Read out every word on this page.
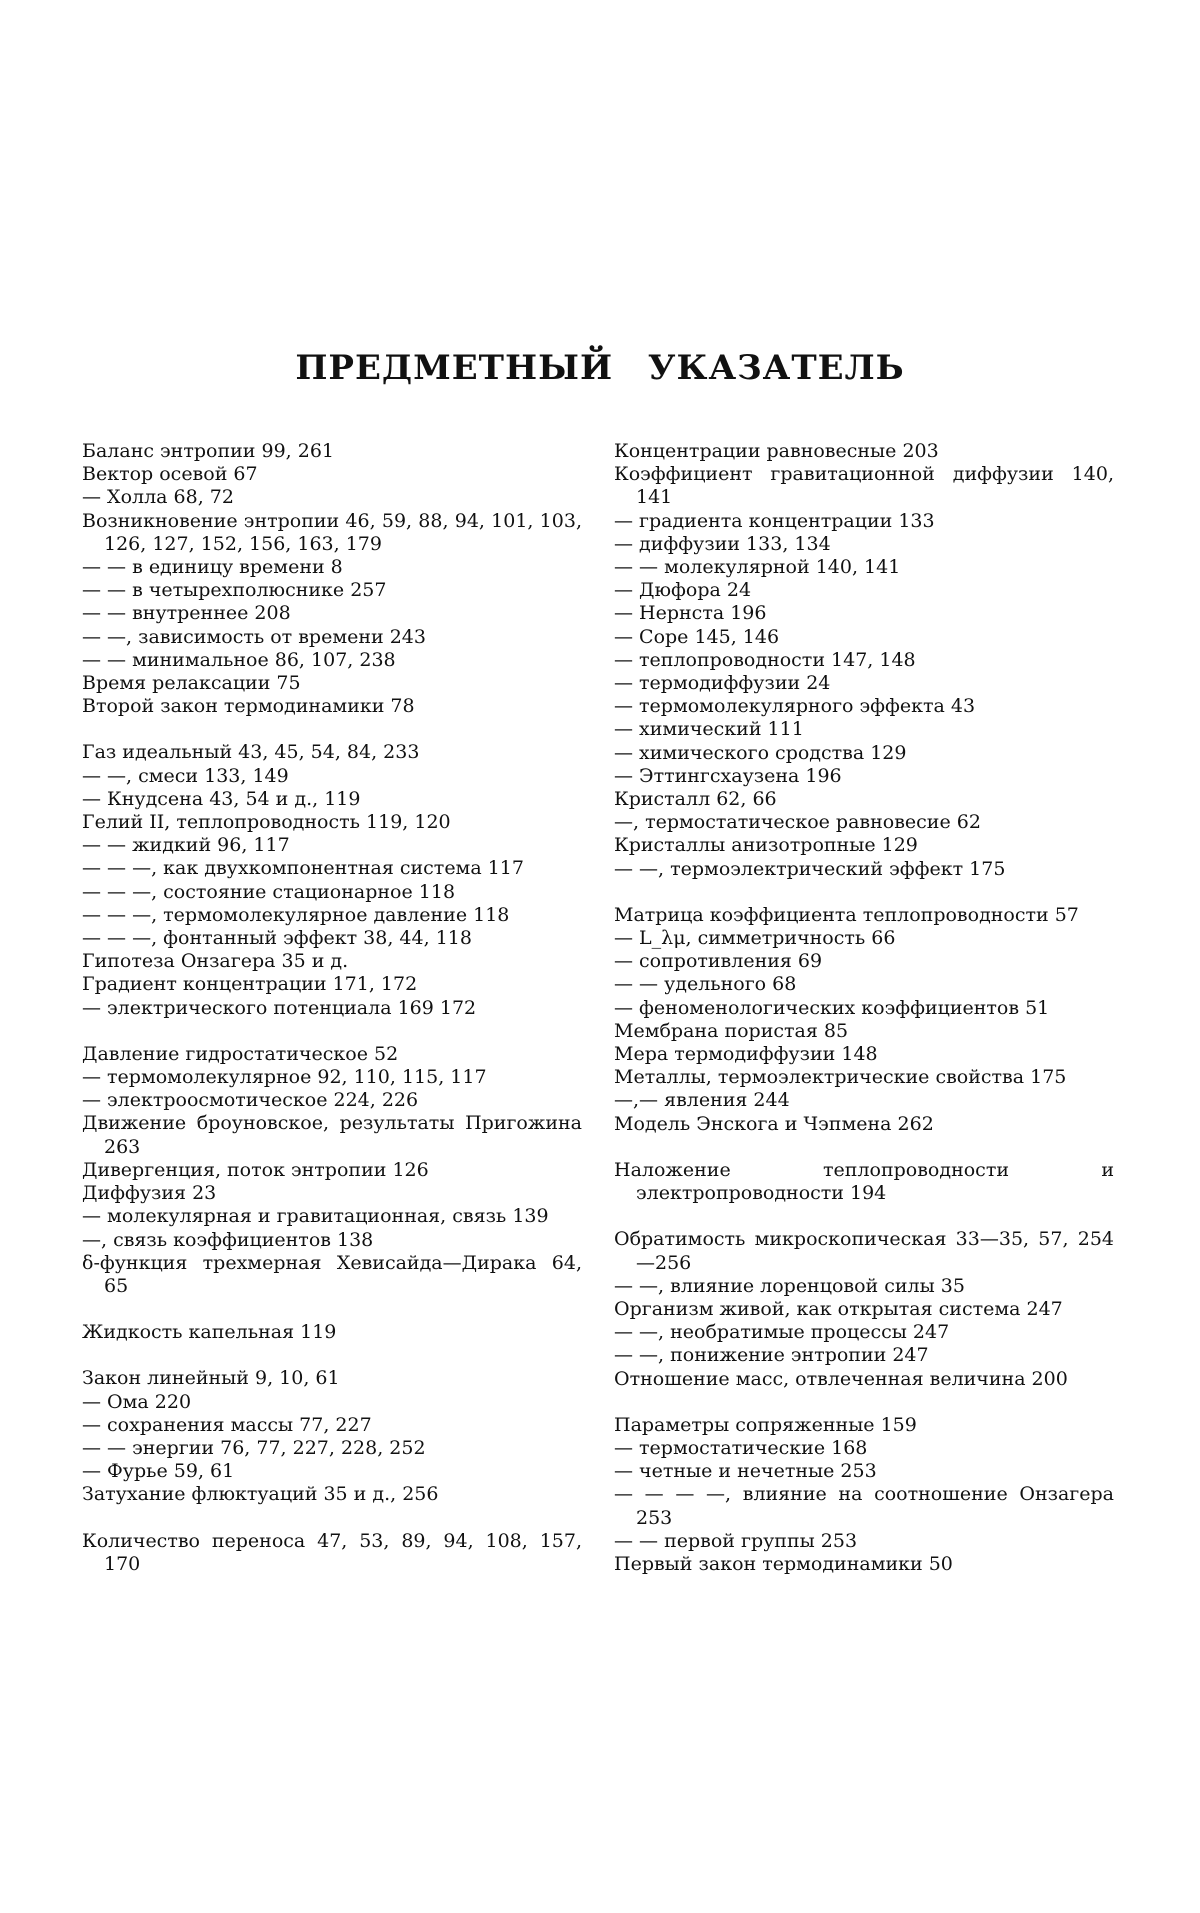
ПРЕДМЕТНЫЙ УКАЗАТЕЛЬ
Баланс энтропии 99, 261
Вектор осевой 67
— Холла 68, 72
Возникновение энтропии 46, 59, 88, 94, 101, 103, 126, 127, 152, 156, 163, 179
— — в единицу времени 8
— — в четырехполюснике 257
— — внутреннее 208
— —, зависимость от времени 243
— — минимальное 86, 107, 238
Время релаксации 75
Второй закон термодинамики 78
Газ идеальный 43, 45, 54, 84, 233
— —, смеси 133, 149
— Кнудсена 43, 54 и д., 119
Гелий II, теплопроводность 119, 120
— — жидкий 96, 117
— — —, как двухкомпонентная система 117
— — —, состояние стационарное 118
— — —, термомолекулярное давление 118
— — —, фонтанный эффект 38, 44, 118
Гипотеза Онзагера 35 и д.
Градиент концентрации 171, 172
— электрического потенциала 169 172
Давление гидростатическое 52
— термомолекулярное 92, 110, 115, 117
— электроосмотическое 224, 226
Движение броуновское, результаты Пригожина 263
Дивергенция, поток энтропии 126
Диффузия 23
— молекулярная и гравитационная, связь 139
—, связь коэффициентов 138
δ-функция трехмерная Хевисайда—Дирака 64, 65
Жидкость капельная 119
Закон линейный 9, 10, 61
— Ома 220
— сохранения массы 77, 227
— — энергии 76, 77, 227, 228, 252
— Фурье 59, 61
Затухание флюктуаций 35 и д., 256
Количество переноса 47, 53, 89, 94, 108, 157, 170
Концентрации равновесные 203
Коэффициент гравитационной диффузии 140, 141
— градиента концентрации 133
— диффузии 133, 134
— — молекулярной 140, 141
— Дюфора 24
— Нернста 196
— Соре 145, 146
— теплопроводности 147, 148
— термодиффузии 24
— термомолекулярного эффекта 43
— химический 111
— химического сродства 129
— Эттингсхаузена 196
Кристалл 62, 66
—, термостатическое равновесие 62
Кристаллы анизотропные 129
— —, термоэлектрический эффект 175
Матрица коэффициента теплопроводности 57
— L_λμ, симметричность 66
— сопротивления 69
— — удельного 68
— феноменологических коэффициентов 51
Мембрана пористая 85
Мера термодиффузии 148
Металлы, термоэлектрические свойства 175
—,— явления 244
Модель Энскога и Чэпмена 262
Наложение теплопроводности и электропроводности 194
Обратимость микроскопическая 33—35, 57, 254—256
— —, влияние лоренцовой силы 35
Организм живой, как открытая система 247
— —, необратимые процессы 247
— —, понижение энтропии 247
Отношение масс, отвлеченная величина 200
Параметры сопряженные 159
— термостатические 168
— четные и нечетные 253
— — — —, влияние на соотношение Онзагера 253
— — первой группы 253
Первый закон термодинамики 50
